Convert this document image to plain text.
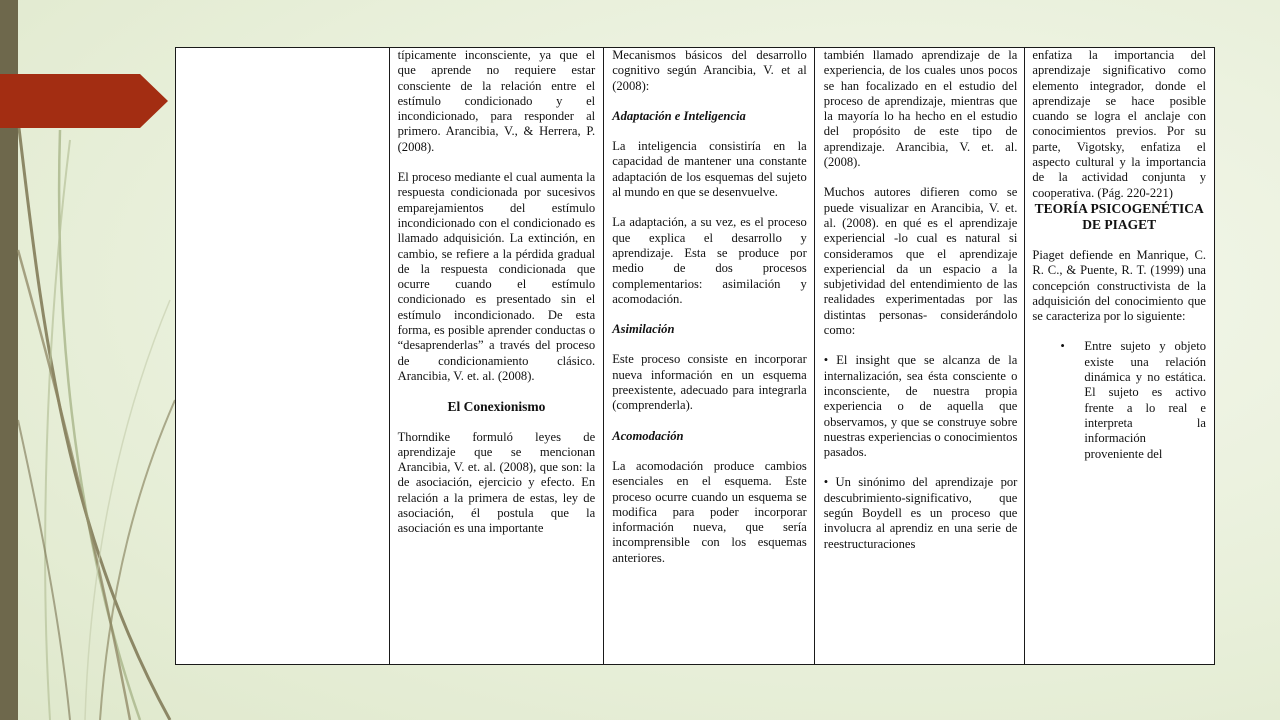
típicamente inconsciente, ya que el que aprende no requiere estar consciente de la relación entre el estímulo condicionado y el incondicionado, para responder al primero. Arancibia, V., & Herrera, P. (2008).

El proceso mediante el cual aumenta la respuesta condicionada por sucesivos emparejamientos del estímulo incondicionado con el condicionado es llamado adquisición. La extinción, en cambio, se refiere a la pérdida gradual de la respuesta condicionada que ocurre cuando el estímulo condicionado es presentado sin el estímulo incondicionado. De esta forma, es posible aprender conductas o “desaprenderlas” a través del proceso de condicionamiento clásico. Arancibia, V. et. al. (2008).

El Conexionismo

Thorndike formuló leyes de aprendizaje que se mencionan Arancibia, V. et. al. (2008), que son: la de asociación, ejercicio y efecto. En relación a la primera de estas, ley de asociación, él postula que la asociación es una importante

Mecanismos básicos del desarrollo cognitivo según Arancibia, V. et al (2008):

Adaptación e Inteligencia

La inteligencia consistiría en la capacidad de mantener una constante adaptación de los esquemas del sujeto al mundo en que se desenvuelve.

La adaptación, a su vez, es el proceso que explica el desarrollo y aprendizaje. Esta se produce por medio de dos procesos complementarios: asimilación y acomodación.

Asimilación

Este proceso consiste en incorporar nueva información en un esquema preexistente, adecuado para integrarla (comprenderla).

Acomodación

La acomodación produce cambios esenciales en el esquema. Este proceso ocurre cuando un esquema se modifica para poder incorporar información nueva, que sería incomprensible con los esquemas anteriores.

también llamado aprendizaje de la experiencia, de los cuales unos pocos se han focalizado en el estudio del proceso de aprendizaje, mientras que la mayoría lo ha hecho en el estudio del propósito de este tipo de aprendizaje. Arancibia, V. et. al. (2008).

Muchos autores difieren como se puede visualizar en Arancibia, V. et. al. (2008). en qué es el aprendizaje experiencial -lo cual es natural si consideramos que el aprendizaje experiencial da un espacio a la subjetividad del entendimiento de las realidades experimentadas por las distintas personas- considerándolo como:

• El insight que se alcanza de la internalización, sea ésta consciente o inconsciente, de nuestra propia experiencia o de aquella que observamos, y que se construye sobre nuestras experiencias o conocimientos pasados.

• Un sinónimo del aprendizaje por descubrimiento-significativo, que según Boydell es un proceso que involucra al aprendiz en una serie de reestructuraciones

enfatiza la importancia del aprendizaje significativo como elemento integrador, donde el aprendizaje se hace posible cuando se logra el anclaje con conocimientos previos. Por su parte, Vigotsky, enfatiza el aspecto cultural y la importancia de la actividad conjunta y cooperativa. (Pág. 220-221)

TEORÍA PSICOGENÉTICA DE PIAGET

Piaget defiende en Manrique, C. R. C., & Puente, R. T. (1999) una concepción constructivista de la adquisición del conocimiento que se caracteriza por lo siguiente:

•	Entre sujeto y objeto existe una relación dinámica y no estática. El sujeto es activo frente a lo real e interpreta la información proveniente del
